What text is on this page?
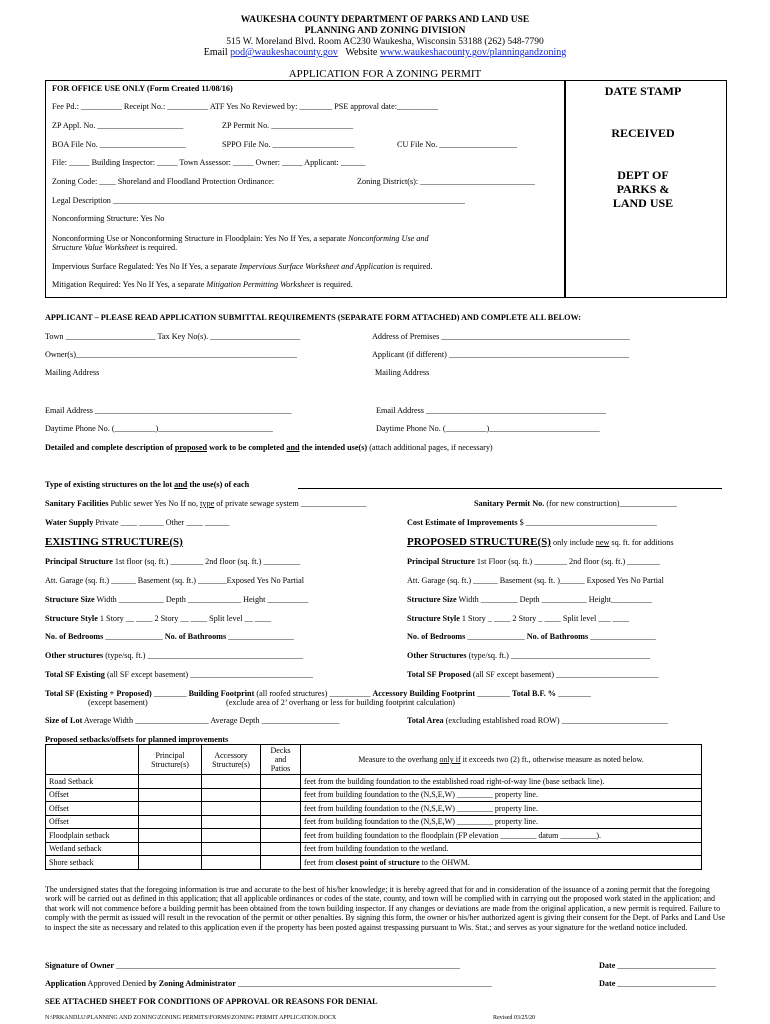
WAUKESHA COUNTY DEPARTMENT OF PARKS AND LAND USE
PLANNING AND ZONING DIVISION
515 W. Moreland Blvd. Room AC230 Waukesha, Wisconsin 53188 (262) 548-7790
Email pod@waukeshacounty.gov Website www.waukeshacounty.gov/planningandzoning
APPLICATION FOR A ZONING PERMIT
FOR OFFICE USE ONLY (Form Created 11/08/16)
Fee Pd.: __________ Receipt No.: __________ ATF Yes No Reviewed by: ________ PSE approval date:__________
ZP Appl. No. _____________________	ZP Permit No. ____________________
BOA File No. _____________________	SPPO File No. ____________________	CU File No. ___________________
File: _____ Building Inspector: _____ Town Assessor: _____ Owner: _____ Applicant: ______
Zoning Code: ____ Shoreland and Floodland Protection Ordinance:	Zoning District(s): ____________________________
Legal Description ______________________________________________________________________________________
Nonconforming Structure: Yes No
Nonconforming Use or Nonconforming Structure in Floodplain: Yes No If Yes, a separate Nonconforming Use and
Structure Value Worksheet is required.
Impervious Surface Regulated: Yes No If Yes, a separate Impervious Surface Worksheet and Application is required.
Mitigation Required: Yes No If Yes, a separate Mitigation Permitting Worksheet is required.
DATE STAMP
RECEIVED
DEPT OF
PARKS &
LAND USE
APPLICANT – PLEASE READ APPLICATION SUBMITTAL REQUIREMENTS (SEPARATE FORM ATTACHED) AND COMPLETE ALL BELOW:
Town ______________________ Tax Key No(s). ______________________	Address of Premises ______________________________________________
Owner(s)______________________________________________________	Applicant (if different) ____________________________________________
Mailing Address	Mailing Address
Email Address ________________________________________________	Email Address ____________________________________________
Daytime Phone No. (__________)____________________________	Daytime Phone No. (__________)___________________________
Detailed and complete description of proposed work to be completed and the intended use(s) (attach additional pages, if necessary)
Type of existing structures on the lot and the use(s) of each
Sanitary Facilities Public sewer Yes No If no, type of private sewage system ________________	Sanitary Permit No. (for new construction)______________
Water Supply Private ____ ______ Other ____ ______	Cost Estimate of Improvements $ ________________________________
EXISTING STRUCTURE(S)	PROPOSED STRUCTURE(S) only include new sq. ft. for additions
Principal Structure 1st floor (sq. ft.) ________ 2nd floor (sq. ft.) _________	Principal Structure 1st Floor (sq. ft.) ________ 2nd floor (sq. ft.) ________
Att. Garage (sq. ft.) ______ Basement (sq. ft.) _______Exposed Yes No Partial	Att. Garage (sq. ft.) ______ Basement (sq. ft. )______ Exposed Yes No Partial
Structure Size Width ___________ Depth _____________ Height __________	Structure Size Width _________ Depth ___________ Height__________
Structure Style 1 Story __ ____ 2 Story __ ____ Split level __ ____	Structure Style 1 Story _ ____ 2 Story _ ____ Split level ___ ____
No. of Bedrooms ______________ No. of Bathrooms ________________	No. of Bedrooms ______________ No. of Bathrooms ________________
Other structures (type/sq. ft.) ______________________________________	Other Structures (type/sq. ft.) __________________________________
Total SF Existing (all SF except basement) ______________________________	Total SF Proposed (all SF except basement) _________________________
Total SF (Existing + Proposed) ________ Building Footprint (all roofed structures) __________ Accessory Building Footprint ________ Total B.F. % ________
(except basement)	(exclude area of 2’ overhang or less for building footprint calculation)
Size of Lot Average Width __________________ Average Depth ___________________	Total Area (excluding established road ROW) __________________________
Proposed setbacks/offsets for planned improvements
	Principal Structure(s)	Accessory Structure(s)	Decks and Patios	Measure to the overhang only if it exceeds two (2) ft., otherwise measure as noted below.
Road Setback				feet from the building foundation to the established road right-of-way line (base setback line).
Offset				feet from building foundation to the (N,S,E,W) _________ property line.
Offset				feet from building foundation to the (N,S,E,W) _________ property line.
Offset				feet from building foundation to the (N,S,E,W) _________ property line.
Floodplain setback				feet from building foundation to the floodplain (FP elevation _________ datum _________).
Wetland setback				feet from building foundation to the wetland.
Shore setback				feet from closest point of structure to the OHWM.
The undersigned states that the foregoing information is true and accurate to the best of his/her knowledge; it is hereby agreed that for and in consideration of the issuance of a zoning permit that the foregoing work will be carried out as defined in this application; that all applicable ordinances or codes of the state, county, and town will be complied with in carrying out the proposed work stated in the application; and that work will not commence before a building permit has been obtained from the town building inspector. If any changes or deviations are made from the original application, a new permit is required. Failure to comply with the permit as issued will result in the revocation of the permit or other penalties. By signing this form, the owner or his/her authorized agent is giving their consent for the Dept. of Parks and Land Use to inspect the site as necessary and related to this application even if the property has been posted against trespassing pursuant to Wis. Stat.; and serves as your signature for the wetland notice included.
Signature of Owner ____________________________________________________________________________________	Date ________________________
Application Approved Denied by Zoning Administrator ______________________________________________________________	Date ________________________
SEE ATTACHED SHEET FOR CONDITIONS OF APPROVAL OR REASONS FOR DENIAL
N:\PRKANDLU\PLANNING AND ZONING\ZONING PERMITS\FORMS\ZONING PERMIT APPLICATION.DOCX	Revised 03/25/20
